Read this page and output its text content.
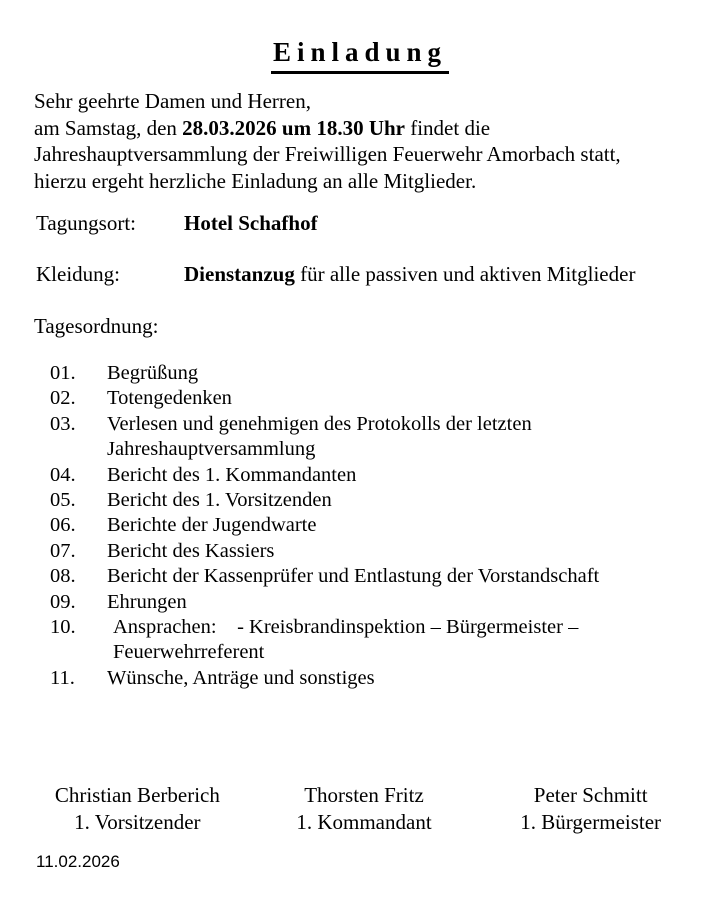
Einladung
Sehr geehrte Damen und Herren,
am Samstag, den 28.03.2026 um 18.30 Uhr findet die
Jahreshauptversammlung der Freiwilligen Feuerwehr Amorbach statt,
hierzu ergeht herzliche Einladung an alle Mitglieder.
Tagungsort: Hotel Schafhof
Kleidung:	Dienstanzug für alle passiven und aktiven Mitglieder
Tagesordnung:
01.	Begrüßung
02.	Totengedenken
03.	Verlesen und genehmigen des Protokolls der letzten
Jahreshauptversammlung
04.	Bericht des 1. Kommandanten
05.	Bericht des 1. Vorsitzenden
06.	Berichte der Jugendwarte
07.	Bericht des Kassiers
08.	Bericht der Kassenprüfer und Entlastung der Vorstandschaft
09.	Ehrungen
10.	Ansprachen:    - Kreisbrandinspektion – Bürgermeister –
Feuerwehrreferent
11.	Wünsche, Anträge und sonstiges
Christian Berberich
1. Vorsitzender
Thorsten Fritz
1. Kommandant
Peter Schmitt
1. Bürgermeister
11.02.2026
